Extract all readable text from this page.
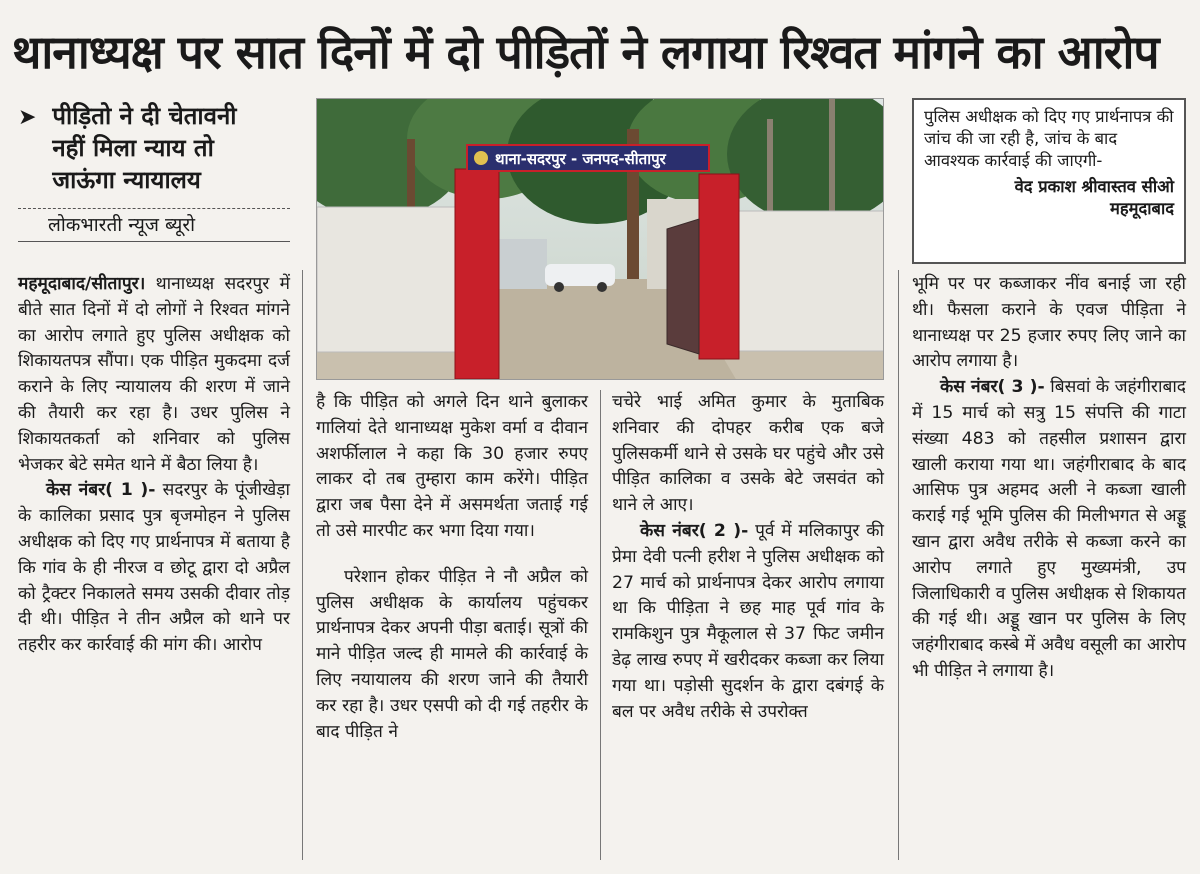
थानाध्यक्ष पर सात दिनों में दो पीड़ितों ने लगाया रिश्वत मांगने का आरोप
➤ पीड़ितो ने दी चेतावनी
नहीं मिला न्याय तो
जाऊंगा न्यायालय
लोकभारती न्यूज ब्यूरो
थाना-सदरपुर - जनपद-सीतापुर
पुलिस अधीक्षक को दिए गए प्रार्थनापत्र की जांच की जा रही है, जांच के बाद आवश्यक कार्रवाई की जाएगी-
वेद प्रकाश श्रीवास्तव सीओ
महमूदाबाद

महमूदाबाद/सीतापुर। थानाध्यक्ष सदरपुर में बीते सात दिनों में दो लोगों ने रिश्वत मांगने का आरोप लगाते हुए पुलिस अधीक्षक को शिकायतपत्र सौंपा। एक पीड़ित मुकदमा दर्ज कराने के लिए न्यायालय की शरण में जाने की तैयारी कर रहा है। उधर पुलिस ने शिकायतकर्ता को शनिवार को पुलिस भेजकर बेटे समेत थाने में बैठा लिया है।

केस नंबर( 1 )- सदरपुर के पूंजीखेड़ा के कालिका प्रसाद पुत्र बृजमोहन ने पुलिस अधीक्षक को दिए गए प्रार्थनापत्र में बताया है कि गांव के ही नीरज व छोटू द्वारा दो अप्रैल को ट्रैक्टर निकालते समय उसकी दीवार तोड़ दी थी। पीड़ित ने तीन अप्रैल को थाने पर तहरीर कर कार्रवाई की मांग की। आरोप

है कि पीड़ित को अगले दिन थाने बुलाकर गालियां देते थानाध्यक्ष मुकेश वर्मा व दीवान अशर्फीलाल ने कहा कि 30 हजार रुपए लाकर दो तब तुम्हारा काम करेंगे। पीड़ित द्वारा जब पैसा देने में असमर्थता जताई गई तो उसे मारपीट कर भगा दिया गया।

परेशान होकर पीड़ित ने नौ अप्रैल को पुलिस अधीक्षक के कार्यालय पहुंचकर प्रार्थनापत्र देकर अपनी पीड़ा बताई। सूत्रों की माने पीड़ित जल्द ही मामले की कार्रवाई के लिए नयायालय की शरण जाने की तैयारी कर रहा है। उधर एसपी को दी गई तहरीर के बाद पीड़ित ने

चचेरे भाई अमित कुमार के मुताबिक शनिवार की दोपहर करीब एक बजे पुलिसकर्मी थाने से उसके घर पहुंचे और उसे पीड़ित कालिका व उसके बेटे जसवंत को थाने ले आए।

केस नंबर( 2 )- पूर्व में मलिकापुर की प्रेमा देवी पत्नी हरीश ने पुलिस अधीक्षक को 27 मार्च को प्रार्थनापत्र देकर आरोप लगाया था कि पीड़िता ने छह माह पूर्व गांव के रामकिशुन पुत्र मैकूलाल से 37 फिट जमीन डेढ़ लाख रुपए में खरीदकर कब्जा कर लिया गया था। पड़ोसी सुदर्शन के द्वारा दबंगई के बल पर अवैध तरीके से उपरोक्त

भूमि पर पर कब्जाकर नींव बनाई जा रही थी। फैसला कराने के एवज पीड़िता ने थानाध्यक्ष पर 25 हजार रुपए लिए जाने का आरोप लगाया है।

केस नंबर( 3 )- बिसवां के जहंगीराबाद में 15 मार्च को सत्रु 15 संपत्ति की गाटा संख्या 483 को तहसील प्रशासन द्वारा खाली कराया गया था। जहंगीराबाद के बाद आसिफ पुत्र अहमद अली ने कब्जा खाली कराई गई भूमि पुलिस की मिलीभगत से अड्डू खान द्वारा अवैध तरीके से कब्जा करने का आरोप लगाते हुए मुख्यमंत्री, उप जिलाधिकारी व पुलिस अधीक्षक से शिकायत की गई थी। अड्डू खान पर पुलिस के लिए जहंगीराबाद कस्बे में अवैध वसूली का आरोप भी पीड़ित ने लगाया है।
